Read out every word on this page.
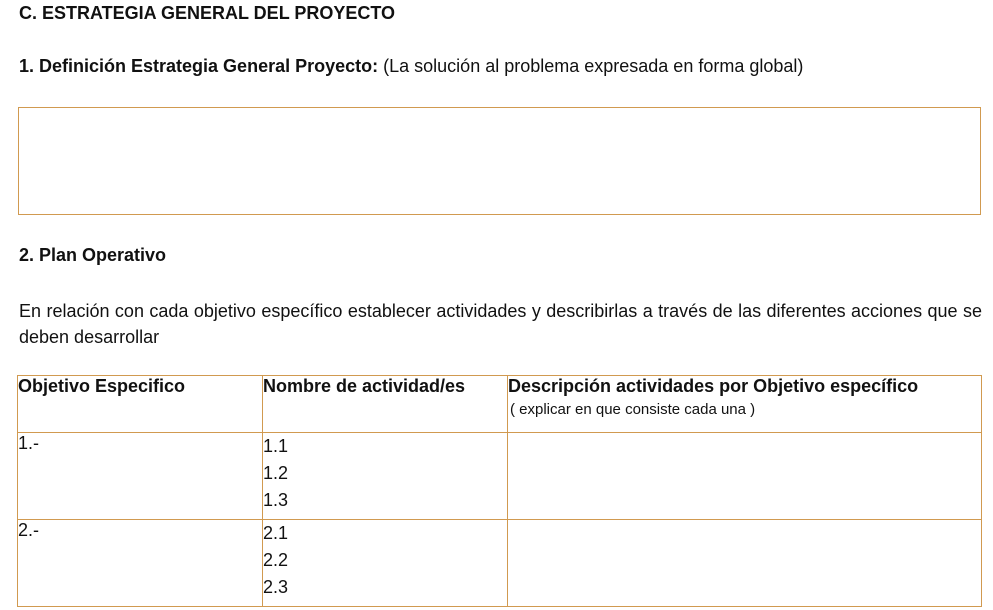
C. ESTRATEGIA GENERAL DEL PROYECTO
1. Definición Estrategia General Proyecto: (La solución al problema expresada en forma global)
2. Plan Operativo
En relación con cada objetivo específico establecer actividades y describirlas a través de las diferentes acciones que se deben desarrollar
Objetivo Especifico	Nombre de actividad/es	Descripción actividades por Objetivo específico
( explicar en que consiste cada una )

1.-	1.1
1.2
1.3	

2.-	2.1
2.2
2.3	
